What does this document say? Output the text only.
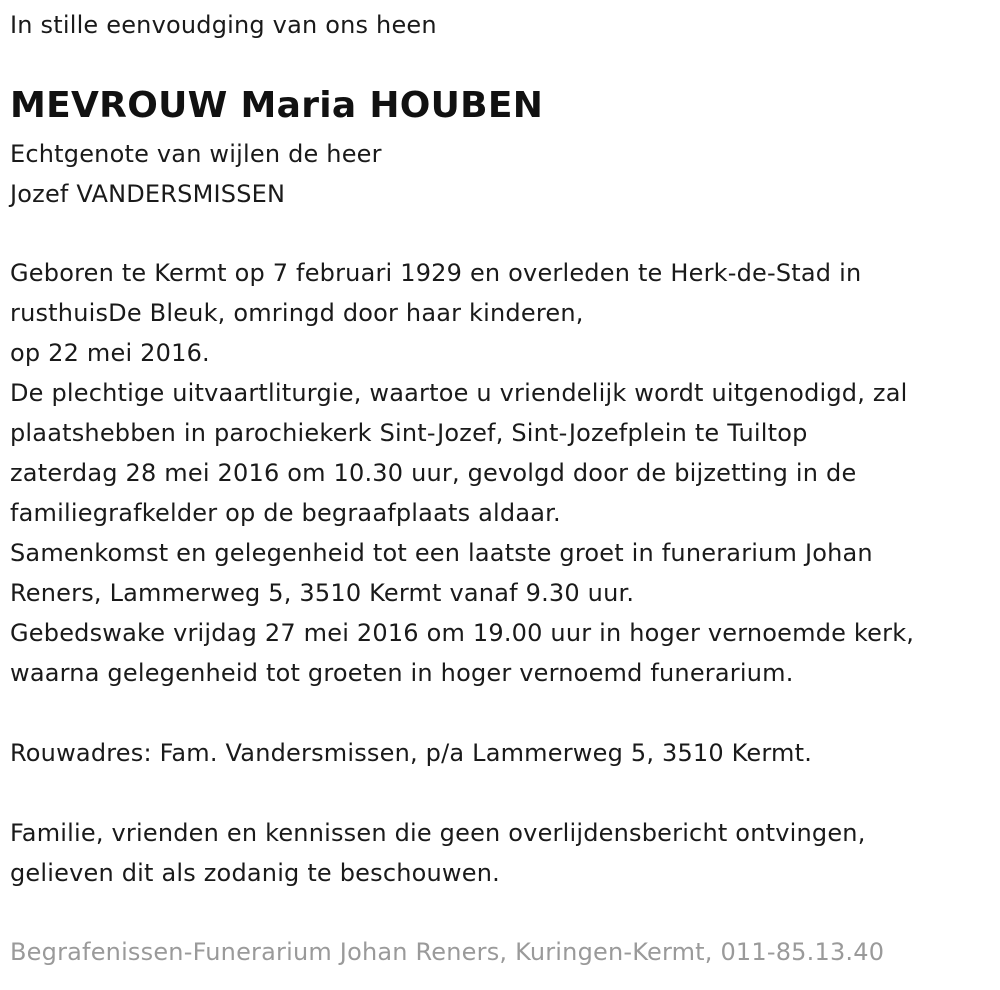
In stille eenvoudging van ons heen
MEVROUW Maria HOUBEN
Echtgenote van wijlen de heer
Jozef VANDERSMISSEN
Geboren te Kermt op 7 februari 1929 en overleden te Herk-de-Stad in
rusthuisDe Bleuk, omringd door haar kinderen,
op 22 mei 2016.
De plechtige uitvaartliturgie, waartoe u vriendelijk wordt uitgenodigd, zal
plaatshebben in parochiekerk Sint-Jozef, Sint-Jozefplein te Tuiltop
zaterdag 28 mei 2016 om 10.30 uur, gevolgd door de bijzetting in de
familiegrafkelder op de begraafplaats aldaar.
Samenkomst en gelegenheid tot een laatste groet in funerarium Johan
Reners, Lammerweg 5, 3510 Kermt vanaf 9.30 uur.
Gebedswake vrijdag 27 mei 2016 om 19.00 uur in hoger vernoemde kerk,
waarna gelegenheid tot groeten in hoger vernoemd funerarium.
Rouwadres: Fam. Vandersmissen, p/a Lammerweg 5, 3510 Kermt.
Familie, vrienden en kennissen die geen overlijdensbericht ontvingen,
gelieven dit als zodanig te beschouwen.
Begrafenissen-Funerarium Johan Reners, Kuringen-Kermt, 011-85.13.40
